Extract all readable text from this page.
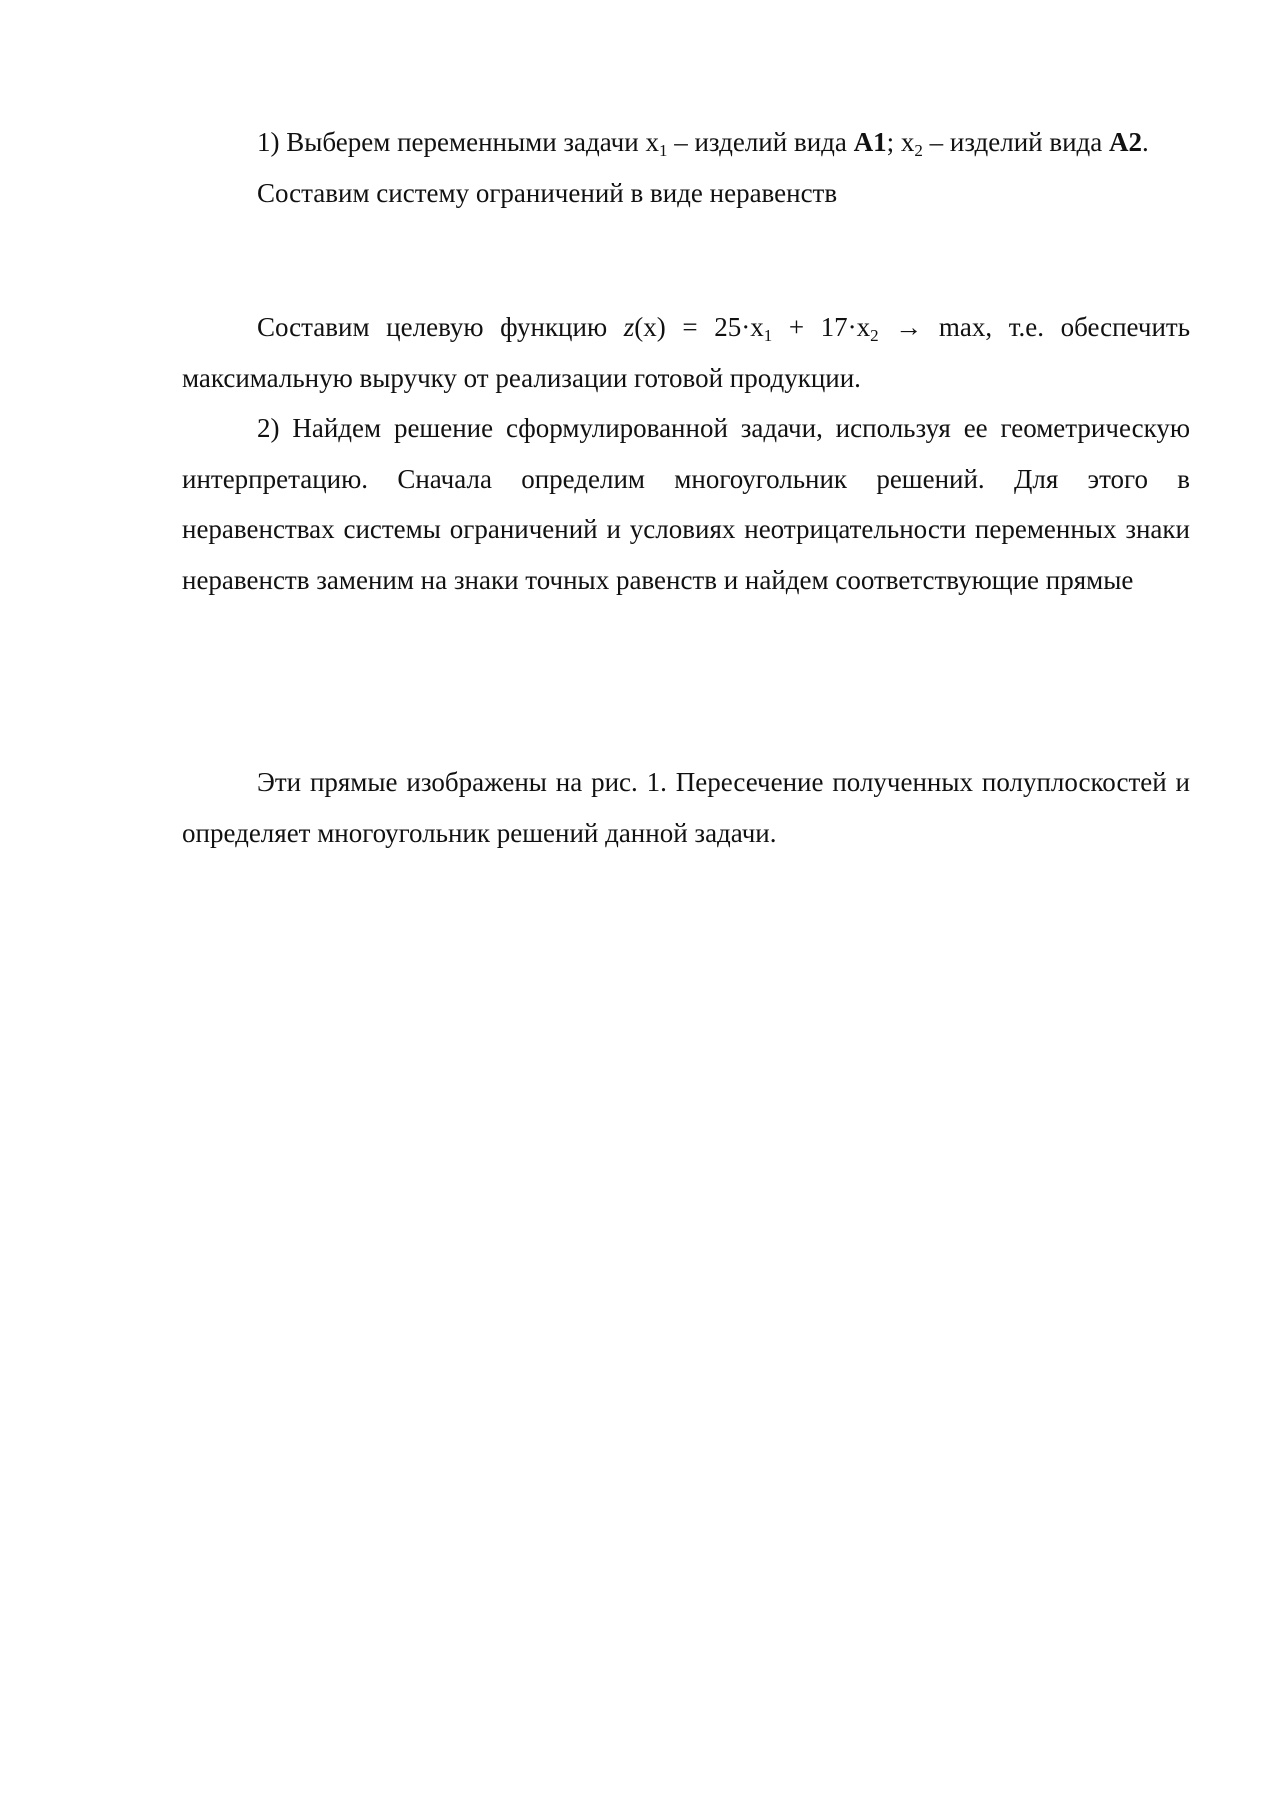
1) Выберем переменными задачи $x_1$ – изделий вида А1; $x_2$ – изделий вида А2.

Составим систему ограничений в виде неравенств

Составим целевую функцию $z(x) = 25\cdot x_1 + 17\cdot x_2 \to \max$, т.е. обеспечить максимальную выручку от реализации готовой продукции.

2) Найдем решение сформулированной задачи, используя ее геометрическую интерпретацию. Сначала определим многоугольник решений. Для этого в неравенствах системы ограничений и условиях неотрицательности переменных знаки неравенств заменим на знаки точных равенств и найдем соответствующие прямые

Эти прямые изображены на рис. 1. Пересечение полученных полуплоскостей и определяет многоугольник решений данной задачи.
